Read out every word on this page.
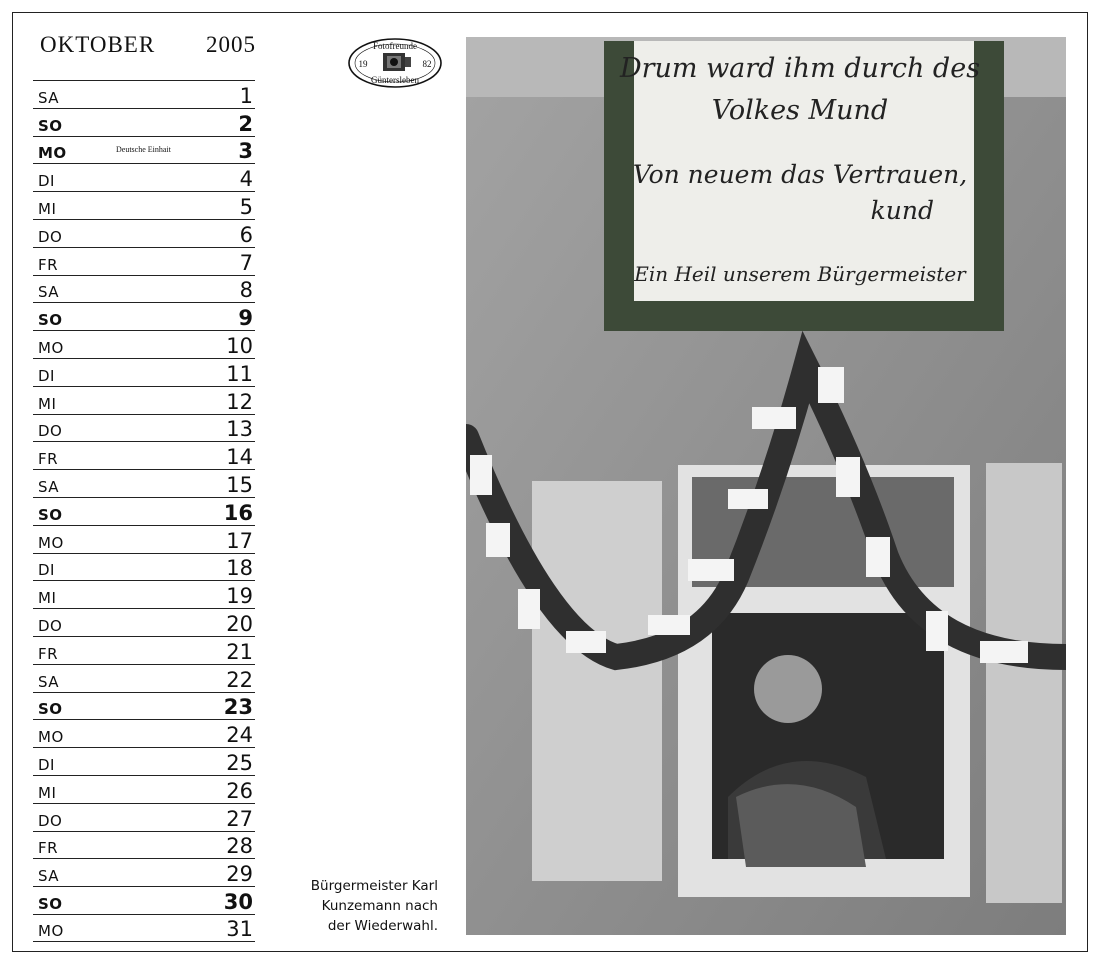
OKTOBER 2005
SA	1
SO	2
MO	Deutsche Einhait	3
DI	4
MI	5
DO	6
FR	7
SA	8
SO	9
MO	10
DI	11
MI	12
DO	13
FR	14
SA	15
SO	16
MO	17
DI	18
MI	19
DO	20
FR	21
SA	22
SO	23
MO	24
DI	25
MI	26
DO	27
FR	28
SA	29
SO	30
MO	31
Fotofreunde
Güntersleben
19	82
Bürgermeister Karl
Kunzemann nach
der Wiederwahl.
Drum ward ihm durch des
Volkes Mund
Von neuem das Vertrauen,
kund
Ein Heil unserem Bürgermeister
